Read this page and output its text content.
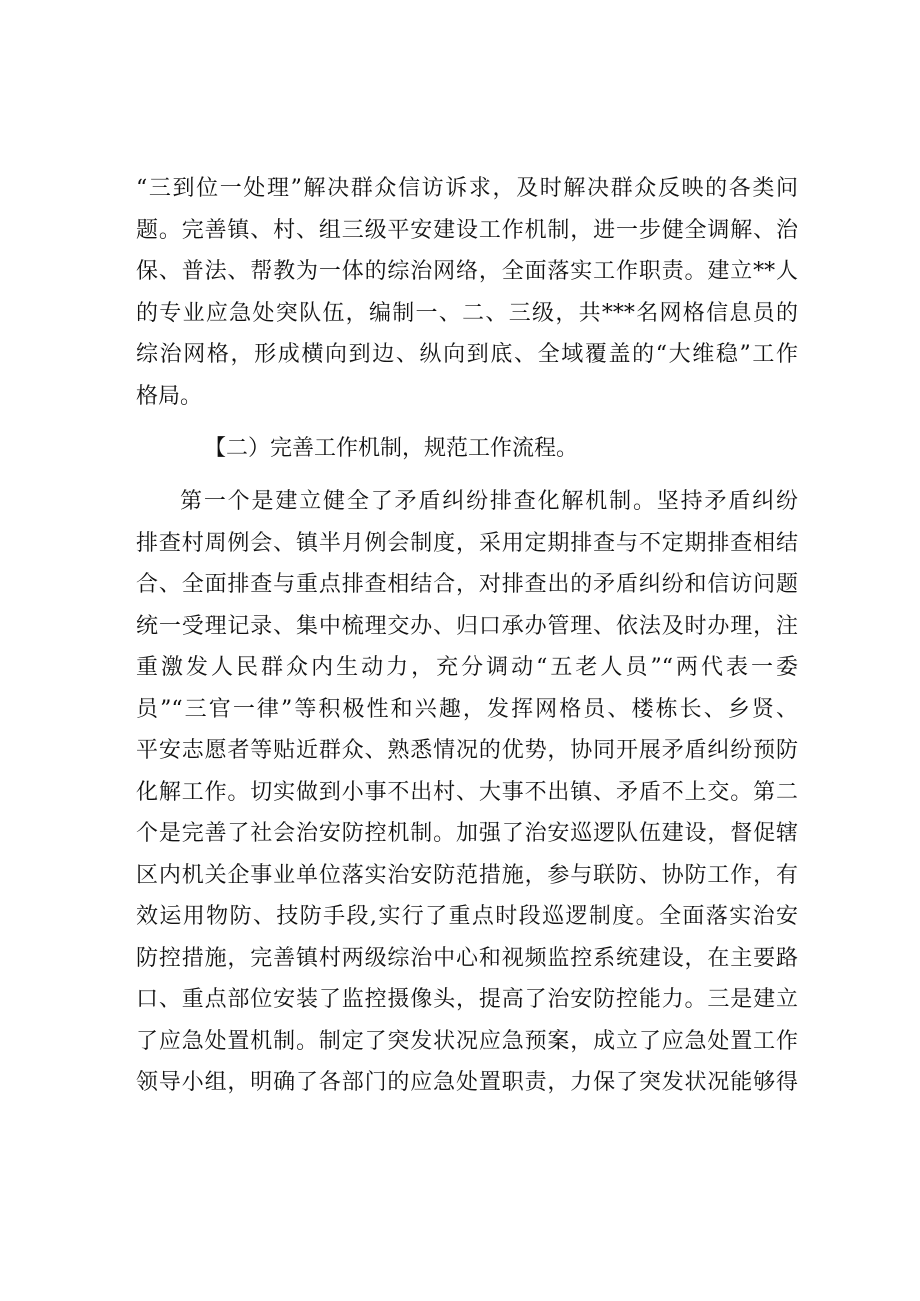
“三到位一处理”解决群众信访诉求，及时解决群众反映的各类问
题。完善镇、村、组三级平安建设工作机制，进一步健全调解、治
保、普法、帮教为一体的综治网络，全面落实工作职责。建立**人
的专业应急处突队伍，编制一、二、三级，共***名网格信息员的
综治网格，形成横向到边、纵向到底、全域覆盖的“大维稳”工作
格局。
【二）完善工作机制，规范工作流程。
第一个是建立健全了矛盾纠纷排查化解机制。坚持矛盾纠纷
排查村周例会、镇半月例会制度，采用定期排查与不定期排查相结
合、全面排查与重点排查相结合，对排查出的矛盾纠纷和信访问题
统一受理记录、集中梳理交办、归口承办管理、依法及时办理，注
重激发人民群众内生动力，充分调动“五老人员”“两代表一委
员”“三官一律”等积极性和兴趣，发挥网格员、楼栋长、乡贤、
平安志愿者等贴近群众、熟悉情况的优势，协同开展矛盾纠纷预防
化解工作。切实做到小事不出村、大事不出镇、矛盾不上交。第二
个是完善了社会治安防控机制。加强了治安巡逻队伍建设，督促辖
区内机关企事业单位落实治安防范措施，参与联防、协防工作，有
效运用物防、技防手段,实行了重点时段巡逻制度。全面落实治安
防控措施，完善镇村两级综治中心和视频监控系统建设，在主要路
口、重点部位安装了监控摄像头，提高了治安防控能力。三是建立
了应急处置机制。制定了突发状况应急预案，成立了应急处置工作
领导小组，明确了各部门的应急处置职责，力保了突发状况能够得
